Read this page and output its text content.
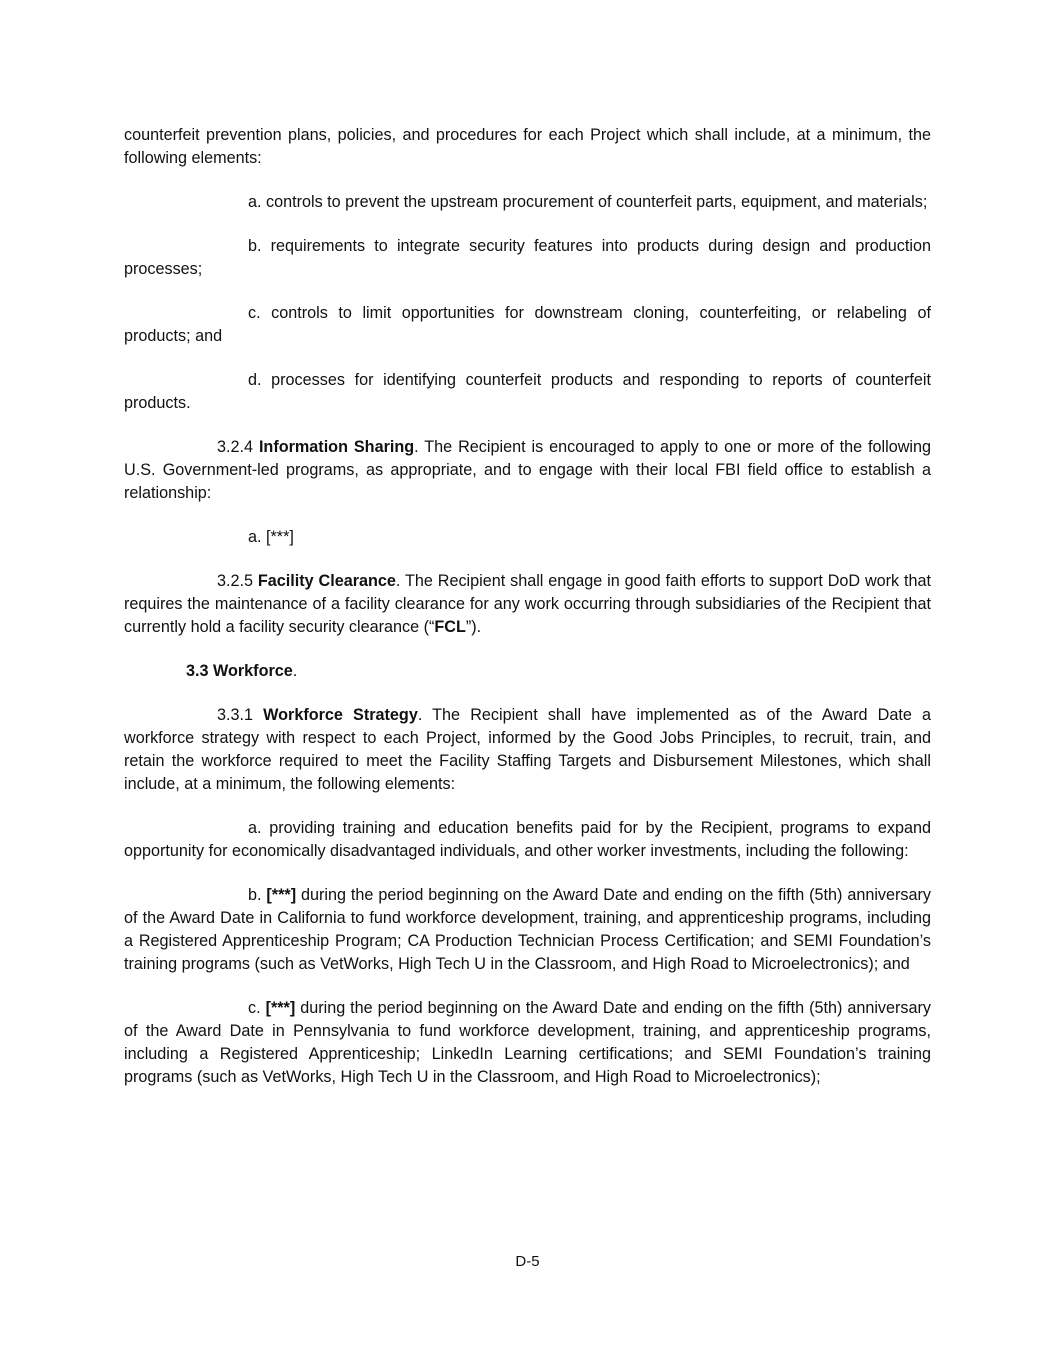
counterfeit prevention plans, policies, and procedures for each Project which shall include, at a minimum, the following elements:

a. controls to prevent the upstream procurement of counterfeit parts, equipment, and materials;

b. requirements to integrate security features into products during design and production processes;

c. controls to limit opportunities for downstream cloning, counterfeiting, or relabeling of products; and

d. processes for identifying counterfeit products and responding to reports of counterfeit products.

3.2.4 Information Sharing. The Recipient is encouraged to apply to one or more of the following U.S. Government-led programs, as appropriate, and to engage with their local FBI field office to establish a relationship:

a. [***]

3.2.5 Facility Clearance. The Recipient shall engage in good faith efforts to support DoD work that requires the maintenance of a facility clearance for any work occurring through subsidiaries of the Recipient that currently hold a facility security clearance (“FCL”).

3.3 Workforce.

3.3.1 Workforce Strategy. The Recipient shall have implemented as of the Award Date a workforce strategy with respect to each Project, informed by the Good Jobs Principles, to recruit, train, and retain the workforce required to meet the Facility Staffing Targets and Disbursement Milestones, which shall include, at a minimum, the following elements:

a. providing training and education benefits paid for by the Recipient, programs to expand opportunity for economically disadvantaged individuals, and other worker investments, including the following:

b. [***] during the period beginning on the Award Date and ending on the fifth (5th) anniversary of the Award Date in California to fund workforce development, training, and apprenticeship programs, including a Registered Apprenticeship Program; CA Production Technician Process Certification; and SEMI Foundation’s training programs (such as VetWorks, High Tech U in the Classroom, and High Road to Microelectronics); and

c. [***] during the period beginning on the Award Date and ending on the fifth (5th) anniversary of the Award Date in Pennsylvania to fund workforce development, training, and apprenticeship programs, including a Registered Apprenticeship; LinkedIn Learning certifications; and SEMI Foundation’s training programs (such as VetWorks, High Tech U in the Classroom, and High Road to Microelectronics);

D-5
